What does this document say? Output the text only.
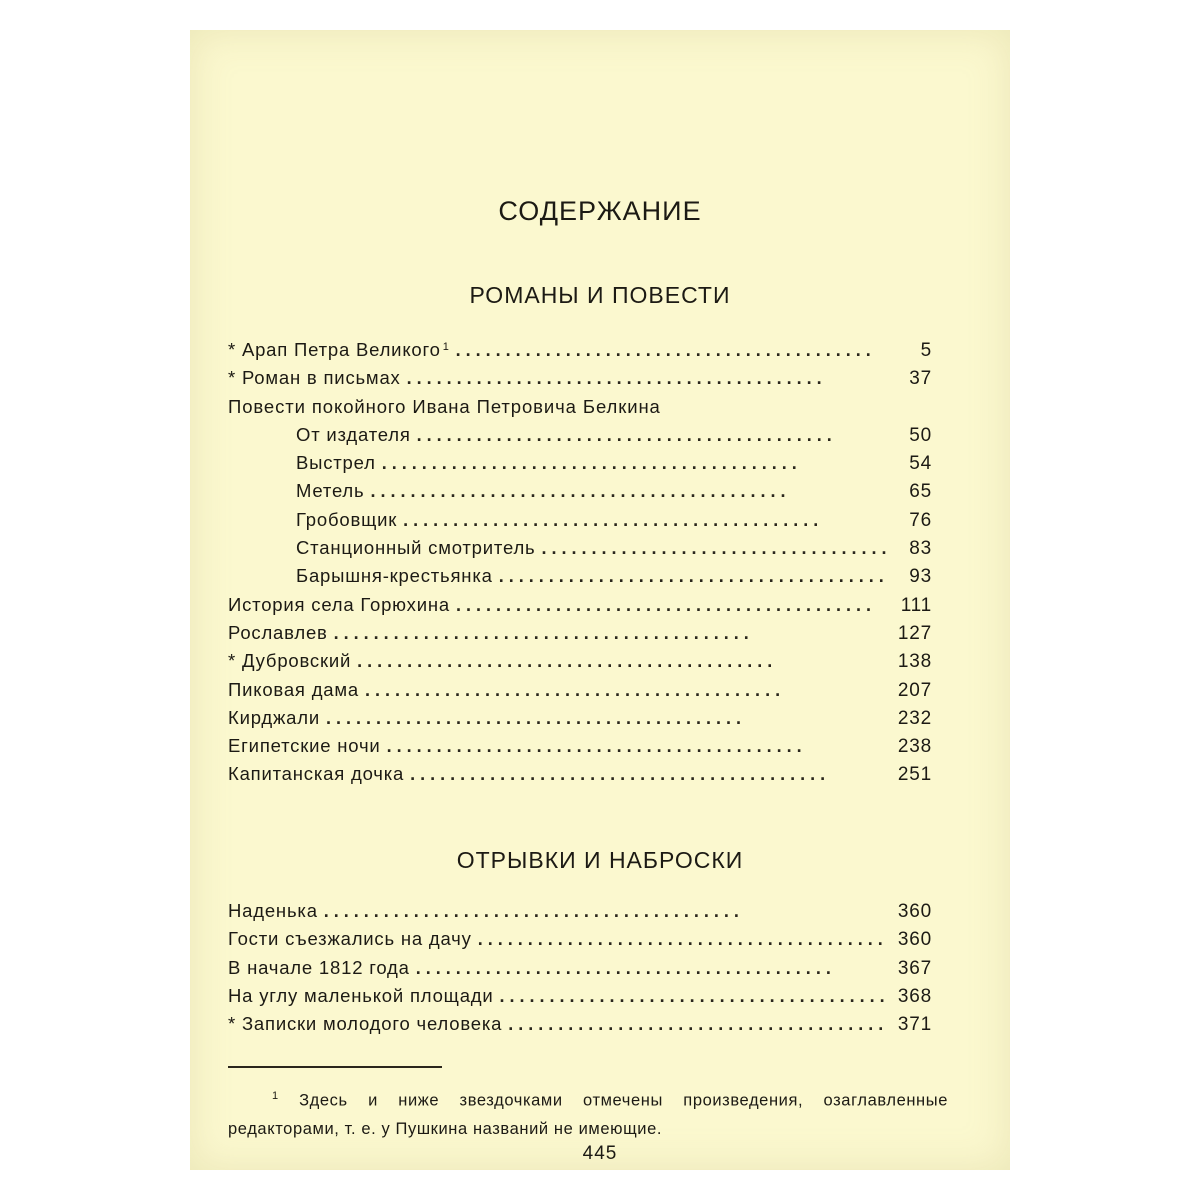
СОДЕРЖАНИЕ
РОМАНЫ И ПОВЕСТИ
* Арап Петра Великого $^1$ . .	5
* Роман в письмах . .	37
Повести покойного Ивана Петровича Белкина
От издателя . .	50
Выстрел . .	54
Метель . .	65
Гробовщик . .	76
Станционный смотритель . .	83
Барышня-крестьянка . .	93
История села Горюхина . .	111
Рославлев . .	127
* Дубровский . .	138
Пиковая дама . .	207
Кирджали . .	232
Египетские ночи . .	238
Капитанская дочка . .	251
ОТРЫВКИ И НАБРОСКИ
Наденька . .	360
Гости съезжались на дачу . .	360
В начале 1812 года . .	367
На углу маленькой площади . .	368
* Записки молодого человека . .	371
$^1$ Здесь и ниже звездочками отмечены произведения, озаглавленные редакторами, т. е. у Пушкина названий не имеющие.
445
